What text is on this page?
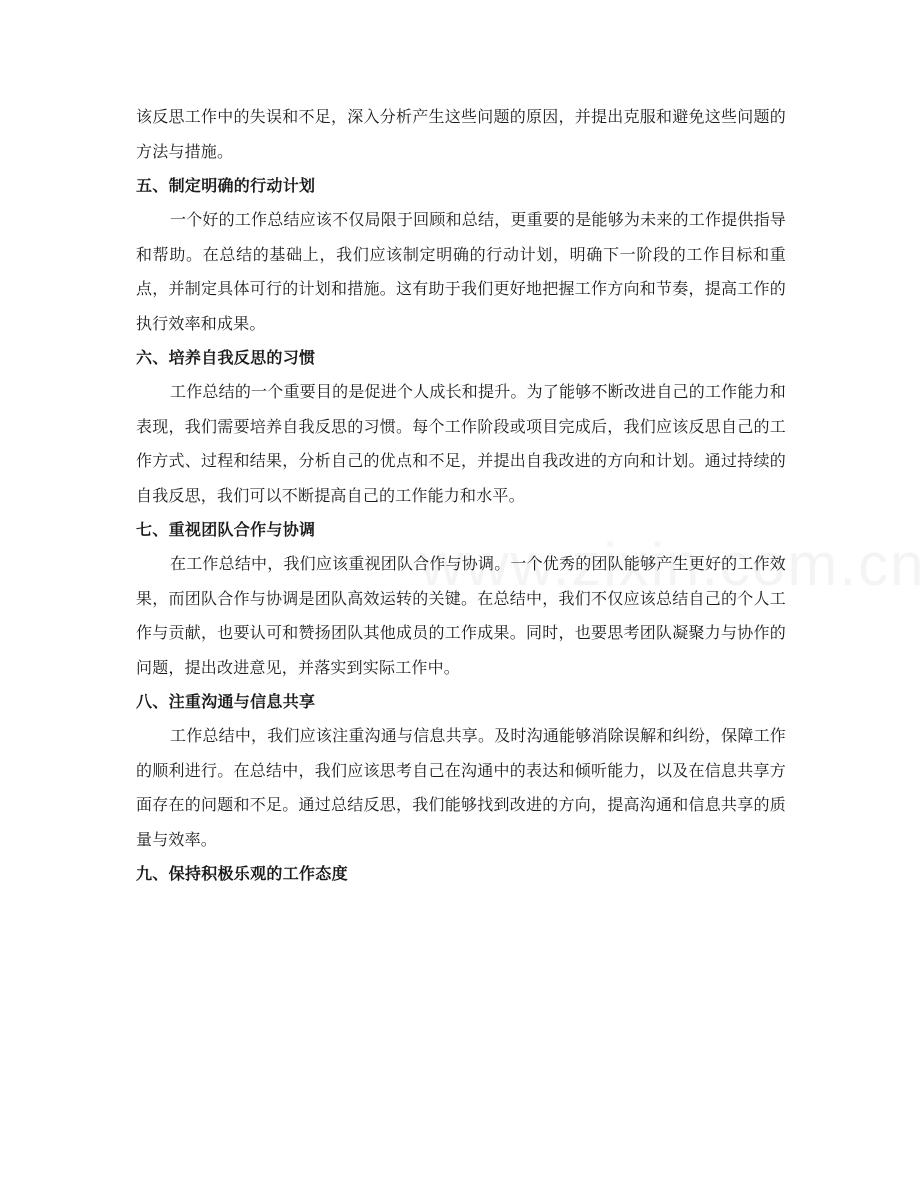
该反思工作中的失误和不足，深入分析产生这些问题的原因，并提出克服和避免这些问题的方法与措施。

五、制定明确的行动计划

一个好的工作总结应该不仅局限于回顾和总结，更重要的是能够为未来的工作提供指导和帮助。在总结的基础上，我们应该制定明确的行动计划，明确下一阶段的工作目标和重点，并制定具体可行的计划和措施。这有助于我们更好地把握工作方向和节奏，提高工作的执行效率和成果。

六、培养自我反思的习惯

工作总结的一个重要目的是促进个人成长和提升。为了能够不断改进自己的工作能力和表现，我们需要培养自我反思的习惯。每个工作阶段或项目完成后，我们应该反思自己的工作方式、过程和结果，分析自己的优点和不足，并提出自我改进的方向和计划。通过持续的自我反思，我们可以不断提高自己的工作能力和水平。

七、重视团队合作与协调

在工作总结中，我们应该重视团队合作与协调。一个优秀的团队能够产生更好的工作效果，而团队合作与协调是团队高效运转的关键。在总结中，我们不仅应该总结自己的个人工作与贡献，也要认可和赞扬团队其他成员的工作成果。同时，也要思考团队凝聚力与协作的问题，提出改进意见，并落实到实际工作中。

八、注重沟通与信息共享

工作总结中，我们应该注重沟通与信息共享。及时沟通能够消除误解和纠纷，保障工作的顺利进行。在总结中，我们应该思考自己在沟通中的表达和倾听能力，以及在信息共享方面存在的问题和不足。通过总结反思，我们能够找到改进的方向，提高沟通和信息共享的质量与效率。

九、保持积极乐观的工作态度
